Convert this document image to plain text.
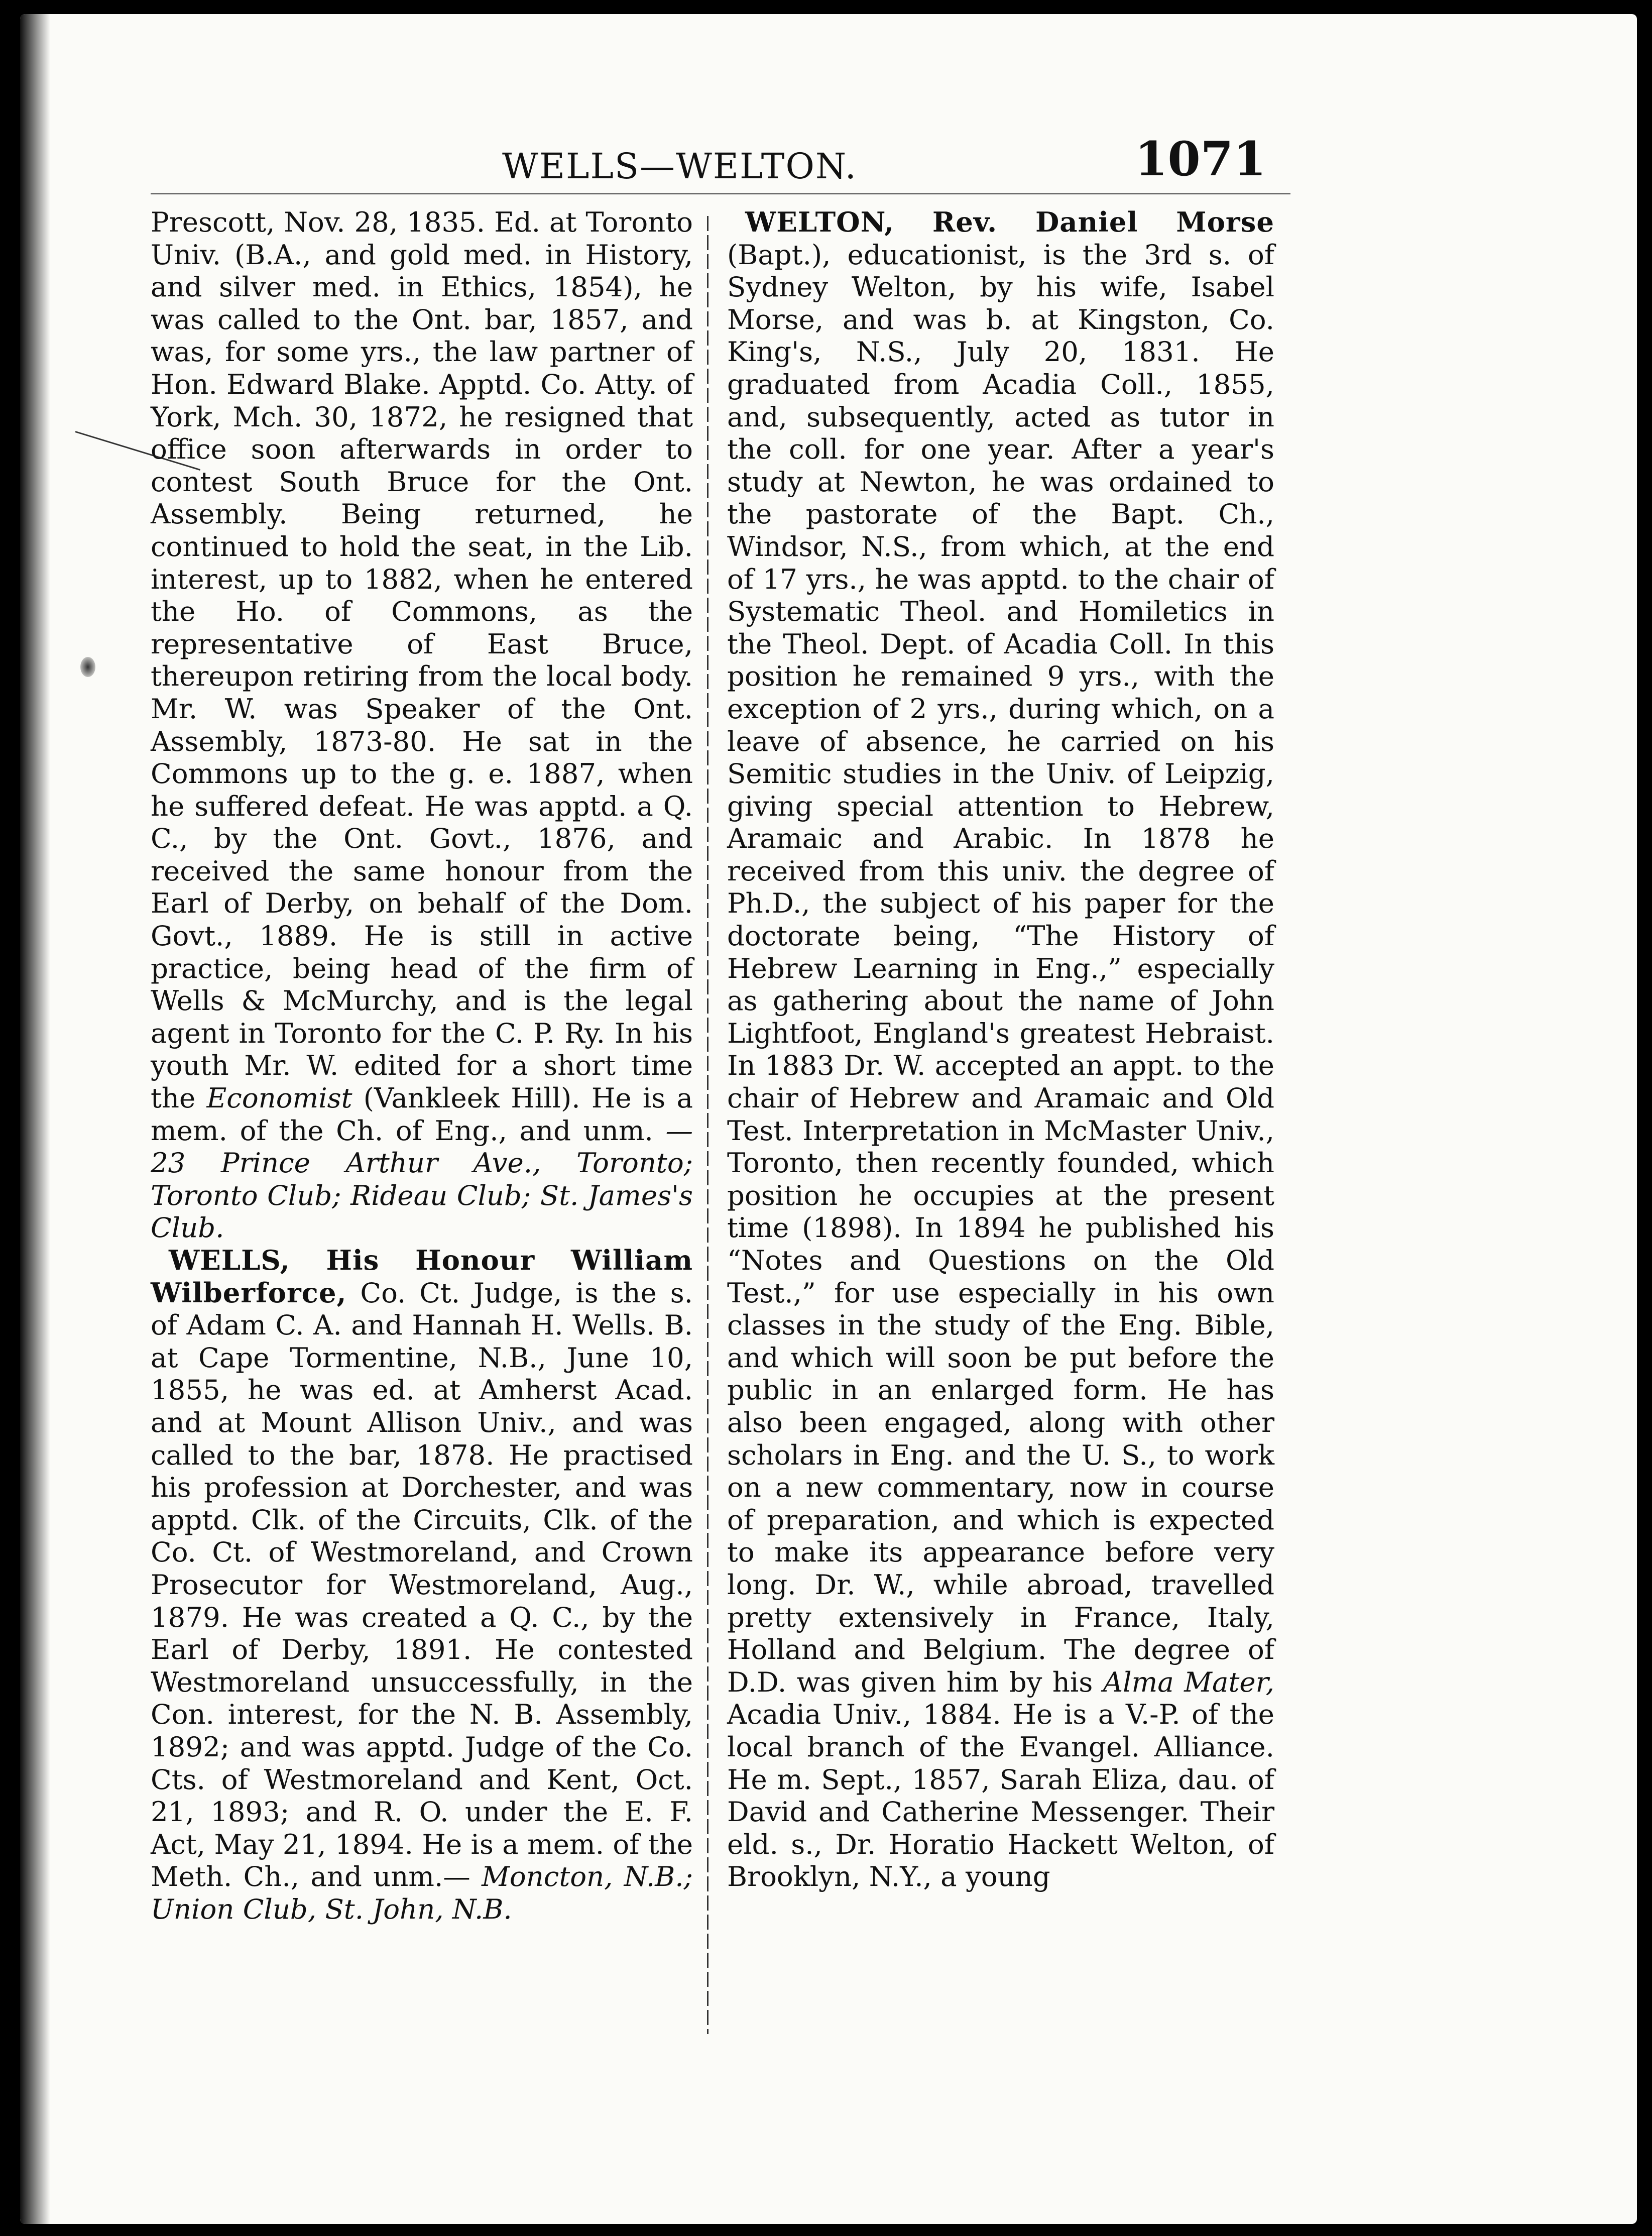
WELLS—WELTON.	1071

Prescott, Nov. 28, 1835. Ed. at Toronto Univ. (B.A., and gold med. in History, and silver med. in Ethics, 1854), he was called to the Ont. bar, 1857, and was, for some yrs., the law partner of Hon. Edward Blake. Apptd. Co. Atty. of York, Mch. 30, 1872, he resigned that office soon afterwards in order to contest South Bruce for the Ont. Assembly. Being returned, he continued to hold the seat, in the Lib. interest, up to 1882, when he entered the Ho. of Commons, as the representative of East Bruce, thereupon retiring from the local body. Mr. W. was Speaker of the Ont. Assembly, 1873-80. He sat in the Commons up to the g. e. 1887, when he suffered defeat. He was apptd. a Q. C., by the Ont. Govt., 1876, and received the same honour from the Earl of Derby, on behalf of the Dom. Govt., 1889. He is still in active practice, being head of the firm of Wells & McMurchy, and is the legal agent in Toronto for the C. P. Ry. In his youth Mr. W. edited for a short time the Economist (Vankleek Hill). He is a mem. of the Ch. of Eng., and unm. —23 Prince Arthur Ave., Toronto; Toronto Club; Rideau Club; St. James's Club.

WELLS, His Honour William Wilberforce, Co. Ct. Judge, is the s. of Adam C. A. and Hannah H. Wells. B. at Cape Tormentine, N.B., June 10, 1855, he was ed. at Amherst Acad. and at Mount Allison Univ., and was called to the bar, 1878. He practised his profession at Dorchester, and was apptd. Clk. of the Circuits, Clk. of the Co. Ct. of Westmoreland, and Crown Prosecutor for Westmoreland, Aug., 1879. He was created a Q. C., by the Earl of Derby, 1891. He contested Westmoreland unsuccessfully, in the Con. interest, for the N. B. Assembly, 1892; and was apptd. Judge of the Co. Cts. of Westmoreland and Kent, Oct. 21, 1893; and R. O. under the E. F. Act, May 21, 1894. He is a mem. of the Meth. Ch., and unm.— Moncton, N.B.; Union Club, St. John, N.B.

WELTON, Rev. Daniel Morse (Bapt.), educationist, is the 3rd s. of Sydney Welton, by his wife, Isabel Morse, and was b. at Kingston, Co. King's, N.S., July 20, 1831. He graduated from Acadia Coll., 1855, and, subsequently, acted as tutor in the coll. for one year. After a year's study at Newton, he was ordained to the pastorate of the Bapt. Ch., Windsor, N.S., from which, at the end of 17 yrs., he was apptd. to the chair of Systematic Theol. and Homiletics in the Theol. Dept. of Acadia Coll. In this position he remained 9 yrs., with the exception of 2 yrs., during which, on a leave of absence, he carried on his Semitic studies in the Univ. of Leipzig, giving special attention to Hebrew, Aramaic and Arabic. In 1878 he received from this univ. the degree of Ph.D., the subject of his paper for the doctorate being, “The History of Hebrew Learning in Eng.,” especially as gathering about the name of John Lightfoot, England's greatest Hebraist. In 1883 Dr. W. accepted an appt. to the chair of Hebrew and Aramaic and Old Test. Interpretation in McMaster Univ., Toronto, then recently founded, which position he occupies at the present time (1898). In 1894 he published his “Notes and Questions on the Old Test.,” for use especially in his own classes in the study of the Eng. Bible, and which will soon be put before the public in an enlarged form. He has also been engaged, along with other scholars in Eng. and the U. S., to work on a new commentary, now in course of preparation, and which is expected to make its appearance before very long. Dr. W., while abroad, travelled pretty extensively in France, Italy, Holland and Belgium. The degree of D.D. was given him by his Alma Mater, Acadia Univ., 1884. He is a V.-P. of the local branch of the Evangel. Alliance. He m. Sept., 1857, Sarah Eliza, dau. of David and Catherine Messenger. Their eld. s., Dr. Horatio Hackett Welton, of Brooklyn, N.Y., a young
